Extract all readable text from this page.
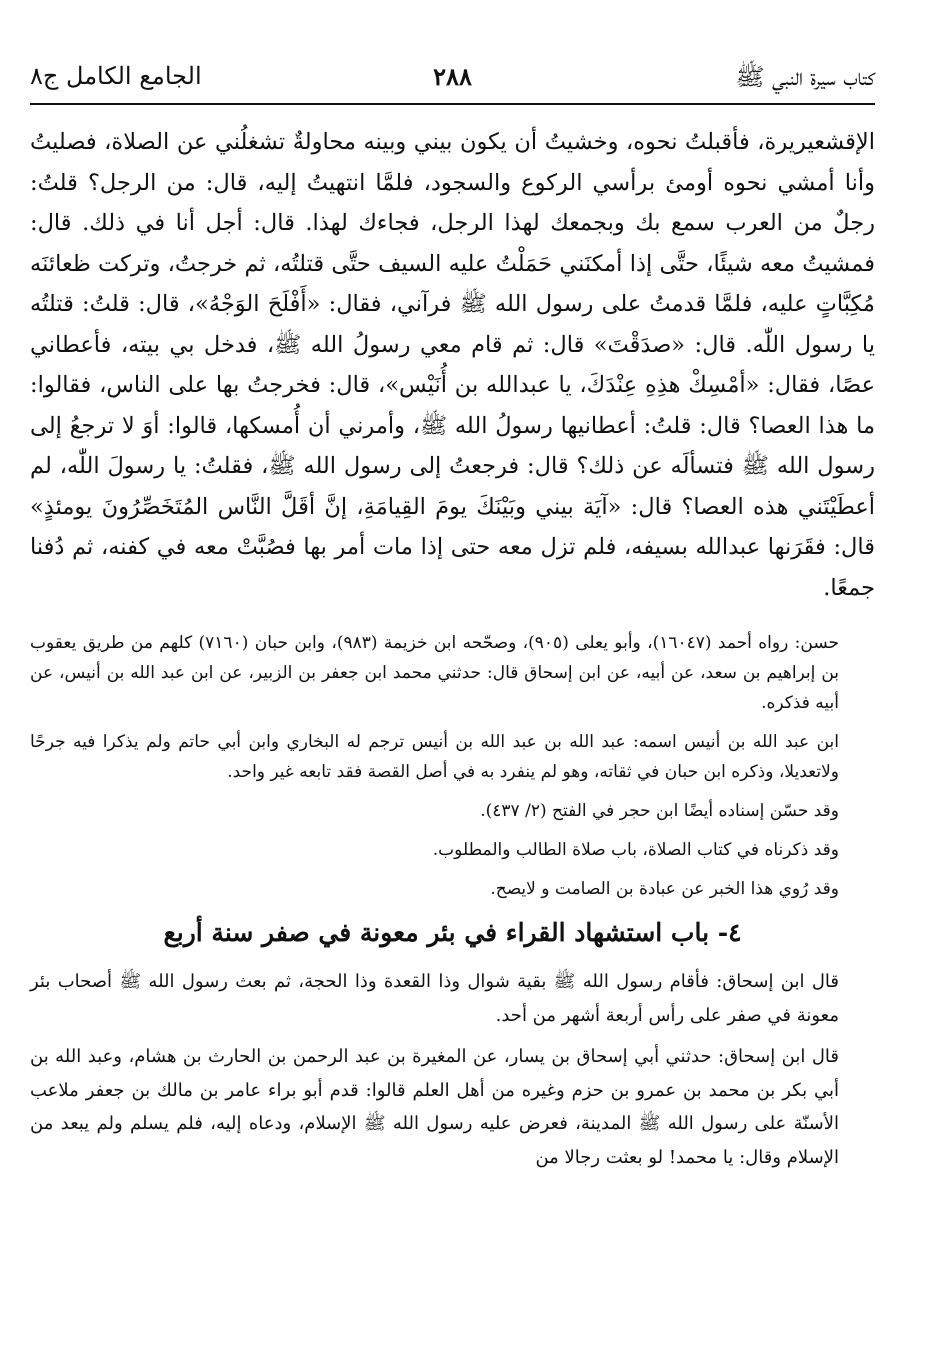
كتاب سيرة النبي ﷺ
٢٨٨
الجامع الكامل ج٨

الإقشعيريرة، فأقبلتُ نحوه، وخشيتُ أن يكون بيني وبينه محاولةٌ تشغلُني عن الصلاة، فصليتُ وأنا أمشي نحوه أومئ برأسي الركوع والسجود، فلمَّا انتهيتُ إليه، قال: من الرجل؟ قلتُ: رجلٌ من العرب سمع بك وبجمعك لهذا الرجل، فجاءك لهذا. قال: أجل أنا في ذلك. قال: فمشيتُ معه شيئًا، حتَّى إذا أمكنَني حَمَلْتُ عليه السيف حتَّى قتلتُه، ثم خرجتُ، وتركت ظعائنَه مُكِبَّاتٍ عليه، فلمَّا قدمتُ على رسول الله ﷺ فرآني، فقال: «أَفْلَحَ الوَجْهُ»، قال: قلتُ: قتلتُه يا رسول اللّٰه. قال: «صدَقْتَ» قال: ثم قام معي رسولُ الله ﷺ، فدخل بي بيته، فأعطاني عصًا، فقال: «أمْسِكْ هذِهِ عِنْدَكَ، يا عبدالله بن أُنَيْس»، قال: فخرجتُ بها على الناس، فقالوا: ما هذا العصا؟ قال: قلتُ: أعطانيها رسولُ الله ﷺ، وأمرني أن أُمسكها، قالوا: أوَ لا ترجعُ إلى رسول الله ﷺ فتسألَه عن ذلك؟ قال: فرجعتُ إلى رسول الله ﷺ، فقلتُ: يا رسولَ اللّٰه، لم أعطَيْتَني هذه العصا؟ قال: «آيَة بيني وبَيْنَكَ يومَ القِيامَةِ، إنَّ أقَلَّ النَّاس المُتَخَصِّرُونَ يومئذٍ» قال: فقَرَنها عبدالله بسيفه، فلم تزل معه حتى إذا مات أمر بها فصُبَّتْ معه في كفنه، ثم دُفنا جمعًا.

حسن: رواه أحمد (١٦٠٤٧)، وأبو يعلى (٩٠٥)، وصحّحه ابن خزيمة (٩٨٣)، وابن حبان (٧١٦٠) كلهم من طريق يعقوب بن إبراهيم بن سعد، عن أبيه، عن ابن إسحاق قال: حدثني محمد ابن جعفر بن الزبير، عن ابن عبد الله بن أنيس، عن أبيه فذكره.

ابن عبد الله بن أنيس اسمه: عبد الله بن عبد الله بن أنيس ترجم له البخاري وابن أبي حاتم ولم يذكرا فيه جرحًا ولاتعديلا، وذكره ابن حبان في ثقاته، وهو لم ينفرد به في أصل القصة فقد تابعه غير واحد.

وقد حسّن إسناده أيضًا ابن حجر في الفتح (٢/ ٤٣٧).

وقد ذكرناه في كتاب الصلاة، باب صلاة الطالب والمطلوب.

وقد رُوي هذا الخبر عن عبادة بن الصامت و لايصح.

٤- باب استشهاد القراء في بئر معونة في صفر سنة أربع

قال ابن إسحاق: فأقام رسول الله ﷺ بقية شوال وذا القعدة وذا الحجة، ثم بعث رسول الله ﷺ أصحاب بئر معونة في صفر على رأس أربعة أشهر من أحد.

قال ابن إسحاق: حدثني أبي إسحاق بن يسار، عن المغيرة بن عبد الرحمن بن الحارث بن هشام، وعبد الله بن أبي بكر بن محمد بن عمرو بن حزم وغيره من أهل العلم قالوا: قدم أبو براء عامر بن مالك بن جعفر ملاعب الأسنّة على رسول الله ﷺ المدينة، فعرض عليه رسول الله ﷺ الإسلام، ودعاه إليه، فلم يسلم ولم يبعد من الإسلام وقال: يا محمد! لو بعثت رجالا من
